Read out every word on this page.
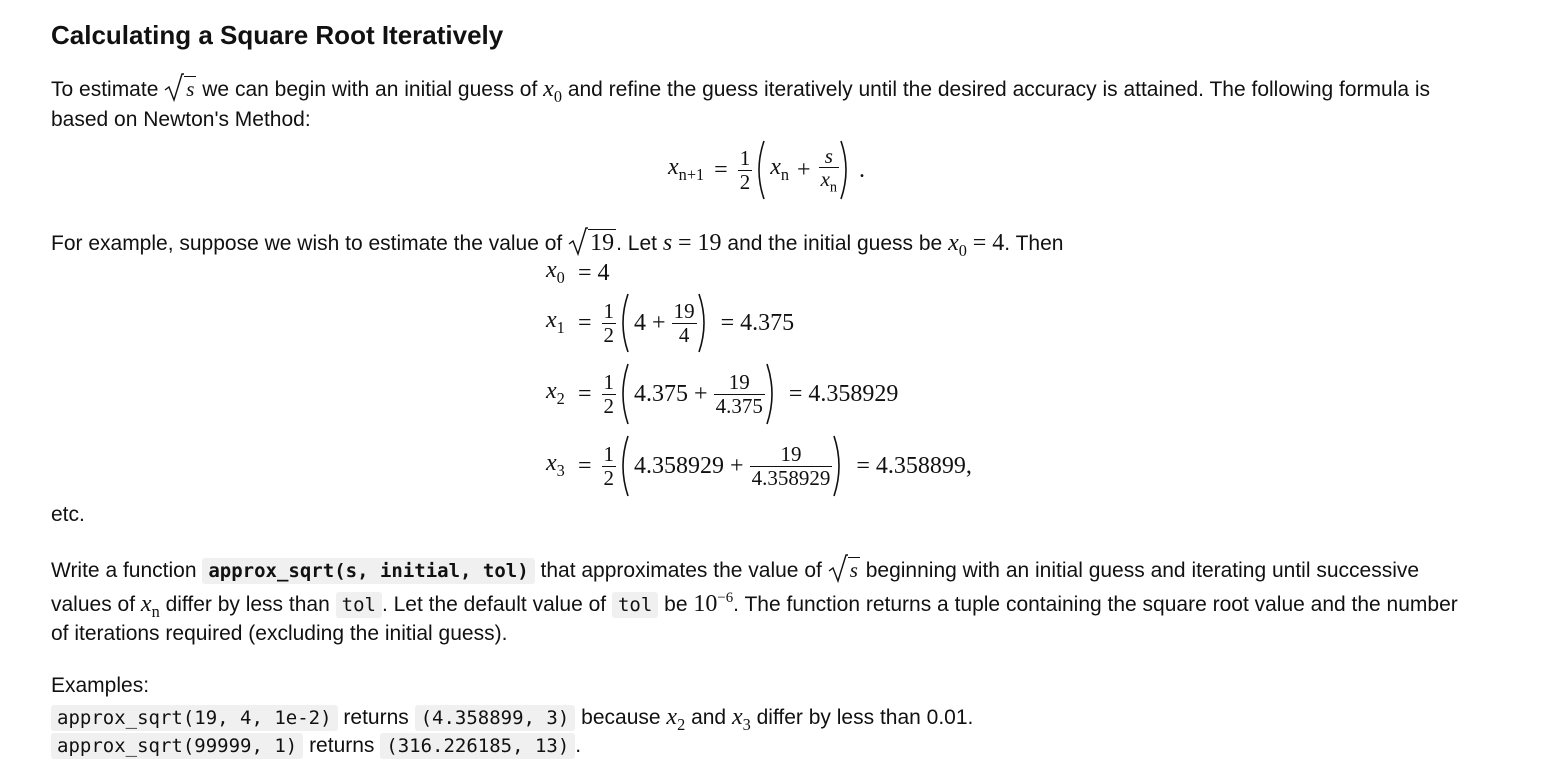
Calculating a Square Root Iteratively
To estimate s we can begin with an initial guess of $x_0$ and refine the guess iteratively until the desired accuracy is attained. The following formula is
based on Newton's Method:
$x_{n+1} = \frac{1}{2} x_n + \frac{s}{x_n}$ .
For example, suppose we wish to estimate the value of 19. Let s = 19 and the initial guess be $x_0 = 4$. Then
$x_0 = 4$
$x_1 = \frac{1}{2} 4 + \frac{19}{4} = 4.375$
$x_2 = \frac{1}{2} 4.375 + \frac{19}{4.375} = 4.358929$
$x_3 = \frac{1}{2} 4.358929 + \frac{19}{4.358929} = 4.358899$,
etc.
Write a function approx_sqrt(s, initial, tol) that approximates the value of s beginning with an initial guess and iterating until successive
values of $x_n$ differ by less than tol . Let the default value of tol be $10^{-6}$. The function returns a tuple containing the square root value and the number
of iterations required (excluding the initial guess).
Examples:
approx_sqrt(19, 4, 1e-2) returns (4.358899, 3) because $x_2$ and $x_3$ differ by less than 0.01.
approx_sqrt(99999, 1) returns (316.226185, 13) .
